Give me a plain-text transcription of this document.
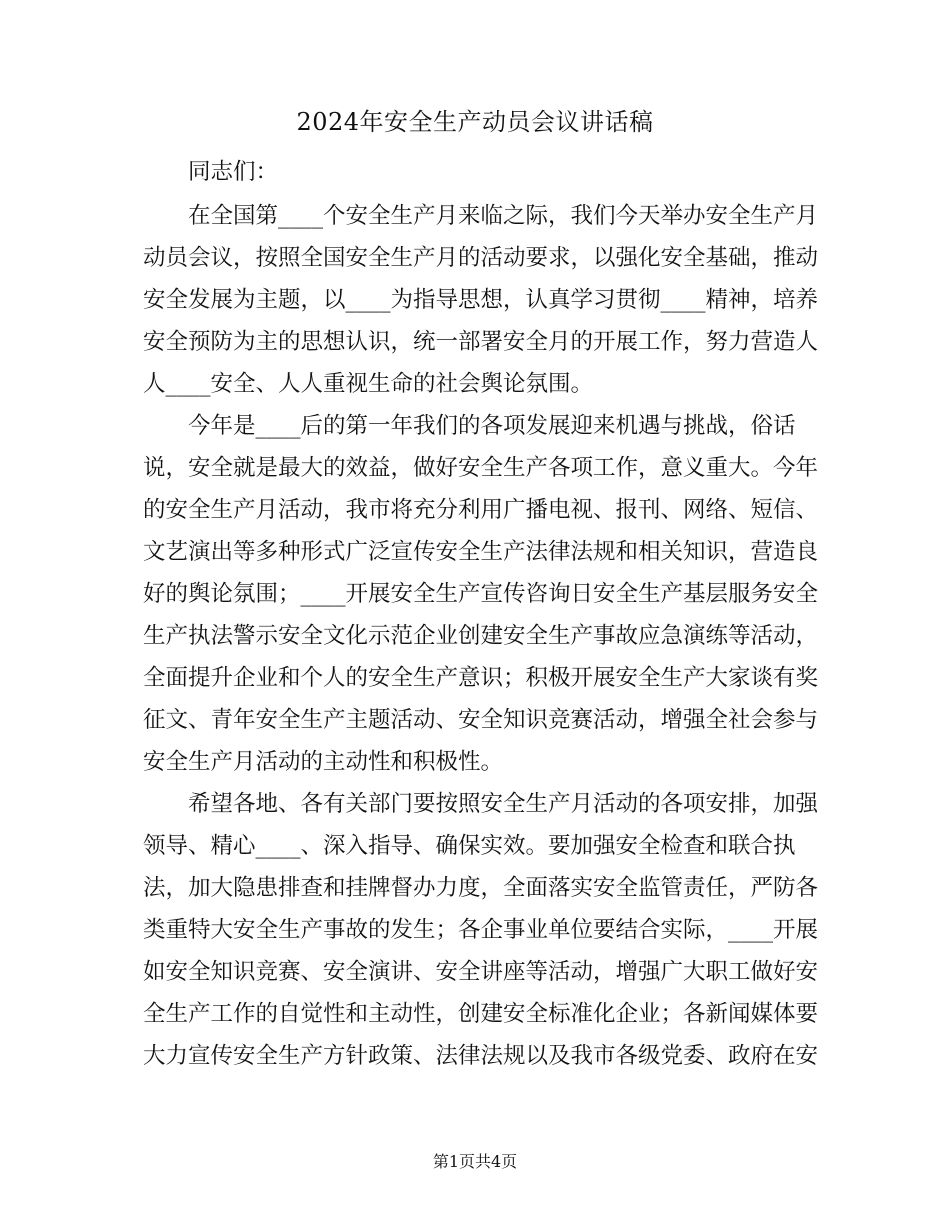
2024年安全生产动员会议讲话稿
同志们：
在全国第____个安全生产月来临之际，我们今天举办安全生产月
动员会议，按照全国安全生产月的活动要求，以强化安全基础，推动
安全发展为主题，以____为指导思想，认真学习贯彻____精神，培养
安全预防为主的思想认识，统一部署安全月的开展工作，努力营造人
人____安全、人人重视生命的社会舆论氛围。
今年是____后的第一年我们的各项发展迎来机遇与挑战，俗话
说，安全就是最大的效益，做好安全生产各项工作，意义重大。今年
的安全生产月活动，我市将充分利用广播电视、报刊、网络、短信、
文艺演出等多种形式广泛宣传安全生产法律法规和相关知识，营造良
好的舆论氛围；____开展安全生产宣传咨询日安全生产基层服务安全
生产执法警示安全文化示范企业创建安全生产事故应急演练等活动，
全面提升企业和个人的安全生产意识；积极开展安全生产大家谈有奖
征文、青年安全生产主题活动、安全知识竞赛活动，增强全社会参与
安全生产月活动的主动性和积极性。
希望各地、各有关部门要按照安全生产月活动的各项安排，加强
领导、精心____、深入指导、确保实效。要加强安全检查和联合执
法，加大隐患排查和挂牌督办力度，全面落实安全监管责任，严防各
类重特大安全生产事故的发生；各企事业单位要结合实际，____开展
如安全知识竞赛、安全演讲、安全讲座等活动，增强广大职工做好安
全生产工作的自觉性和主动性，创建安全标准化企业；各新闻媒体要
大力宣传安全生产方针政策、法律法规以及我市各级党委、政府在安
第1页共4页
